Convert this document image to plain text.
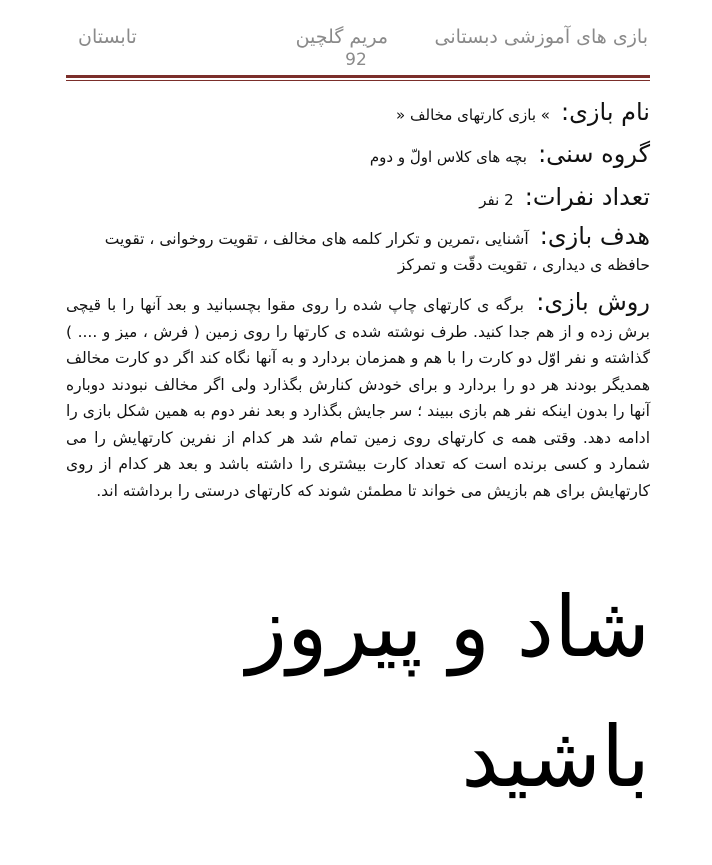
بازی های آموزشی دبستانی
مریم گلچین
تابستان
92
نام بازی: » بازی کارتهای مخالف «
گروه سنی: بچه های کلاس اولّ و دوم
تعداد نفرات: 2 نفر
هدف بازی: آشنایی ،تمرین و تکرار کلمه های مخالف ، تقویت روخوانی ، تقویت حافظه ی دیداری ، تقویت دقّت و تمرکز
روش بازی: برگه ی کارتهای چاپ شده را روی مقوا بچسبانید و بعد آنها را با قیچی برش زده و از هم جدا کنید. طرف نوشته شده ی کارتها را روی زمین ( فرش ، میز و .... ) گذاشته و نفر اوّل دو کارت را با هم و همزمان بردارد و به آنها نگاه کند اگر دو کارت مخالف همدیگر بودند هر دو را بردارد و برای خودش کنارش بگذارد ولی اگر مخالف نبودند دوباره آنها را بدون اینکه نفر هم بازی ببیند ؛ سر جایش بگذارد و بعد نفر دوم به همین شکل بازی را ادامه دهد. وقتی همه ی کارتهای روی زمین تمام شد هر کدام از نفرین کارتهایش را می شمارد و کسی برنده است که تعداد کارت بیشتری را داشته باشد و بعد هر کدام از روی کارتهایش برای هم بازیش می خواند تا مطمئن شوند که کارتهای درستی را برداشته اند.
شاد و پیروز
باشید
